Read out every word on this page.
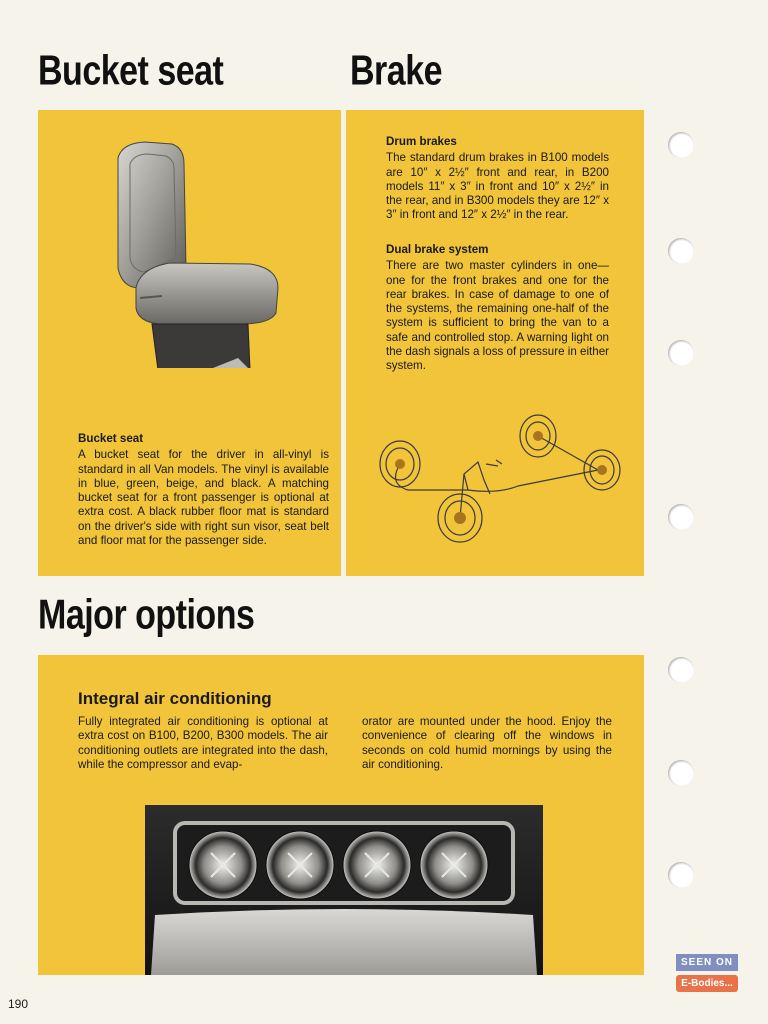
Bucket seat	Brake
Major options
Bucket seat

A bucket seat for the driver in all-vinyl is standard in all Van models. The vinyl is available in blue, green, beige, and black. A matching bucket seat for a front passenger is optional at extra cost. A black rubber floor mat is standard on the driver's side with right sun visor, seat belt and floor mat for the passenger side.

Drum brakes

The standard drum brakes in B100 models are 10″ x 2½″ front and rear, in B200 models 11″ x 3″ in front and 10″ x 2½″ in the rear, and in B300 models they are 12″ x 3″ in front and 12″ x 2½″ in the rear.

Dual brake system

There are two master cylinders in one—one for the front brakes and one for the rear brakes. In case of damage to one of the systems, the remaining one-half of the system is sufficient to bring the van to a safe and controlled stop. A warning light on the dash signals a loss of pressure in either system.

Integral air conditioning

Fully integrated air conditioning is optional at extra cost on B100, B200, B300 models. The air conditioning outlets are integrated into the dash, while the compressor and evap-

orator are mounted under the hood. Enjoy the convenience of clearing off the windows in seconds on cold humid mornings by using the air conditioning.

190
SEEN ON
E-Bodies...
